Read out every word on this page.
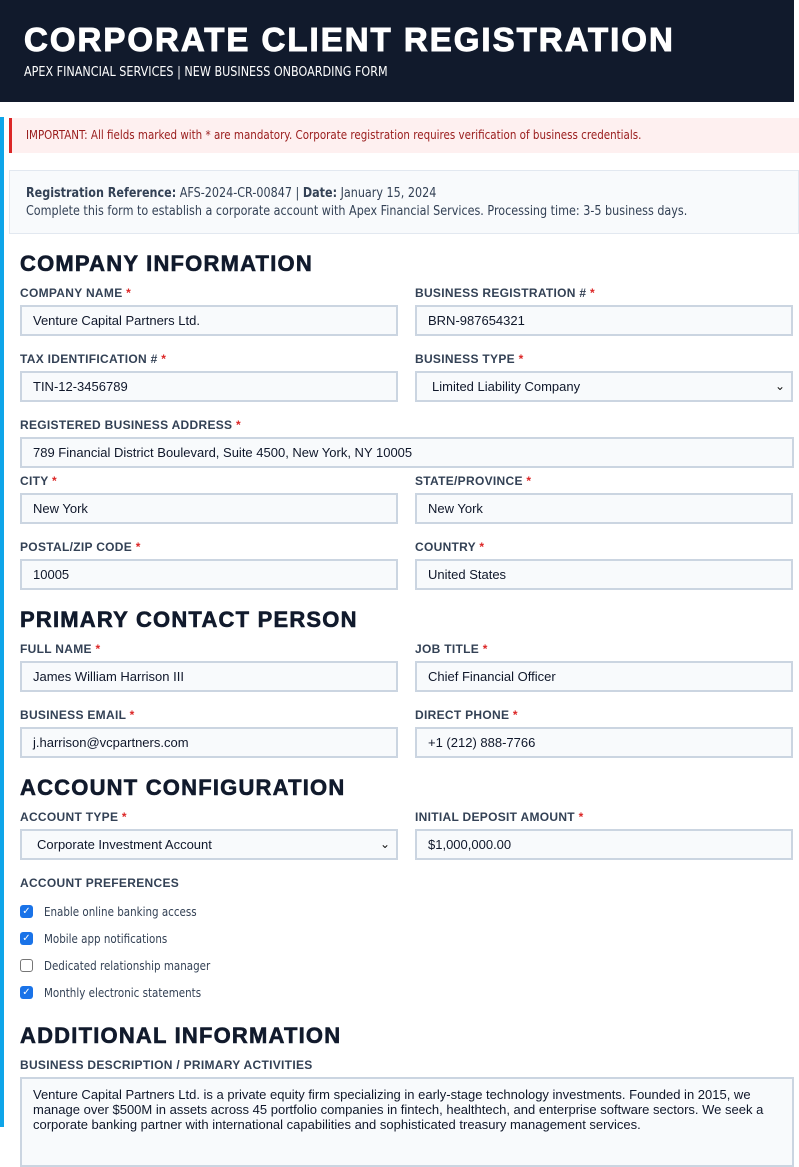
CORPORATE CLIENT REGISTRATION
APEX FINANCIAL SERVICES | NEW BUSINESS ONBOARDING FORM
IMPORTANT: All fields marked with * are mandatory. Corporate registration requires verification of business credentials.
Registration Reference: AFS-2024-CR-00847 | Date: January 15, 2024
Complete this form to establish a corporate account with Apex Financial Services. Processing time: 3-5 business days.
COMPANY INFORMATION
COMPANY NAME *
Venture Capital Partners Ltd.
BUSINESS REGISTRATION # *
BRN-987654321
TAX IDENTIFICATION # *
TIN-12-3456789
BUSINESS TYPE *
Limited Liability Company	⌄
REGISTERED BUSINESS ADDRESS *
789 Financial District Boulevard, Suite 4500, New York, NY 10005
CITY *
New York
STATE/PROVINCE *
New York
POSTAL/ZIP CODE *
10005
COUNTRY *
United States
PRIMARY CONTACT PERSON
FULL NAME *
James William Harrison III
JOB TITLE *
Chief Financial Officer
BUSINESS EMAIL *
j.harrison@vcpartners.com
DIRECT PHONE *
+1 (212) 888-7766
ACCOUNT CONFIGURATION
ACCOUNT TYPE *
Corporate Investment Account	⌄
INITIAL DEPOSIT AMOUNT *
$1,000,000.00
ACCOUNT PREFERENCES
✓ Enable online banking access
✓ Mobile app notifications
Dedicated relationship manager
✓ Monthly electronic statements
ADDITIONAL INFORMATION
BUSINESS DESCRIPTION / PRIMARY ACTIVITIES
Venture Capital Partners Ltd. is a private equity firm specializing in early-stage technology investments. Founded in 2015, we manage over $500M in assets across 45 portfolio companies in fintech, healthtech, and enterprise software sectors. We seek a corporate banking partner with international capabilities and sophisticated treasury management services.
